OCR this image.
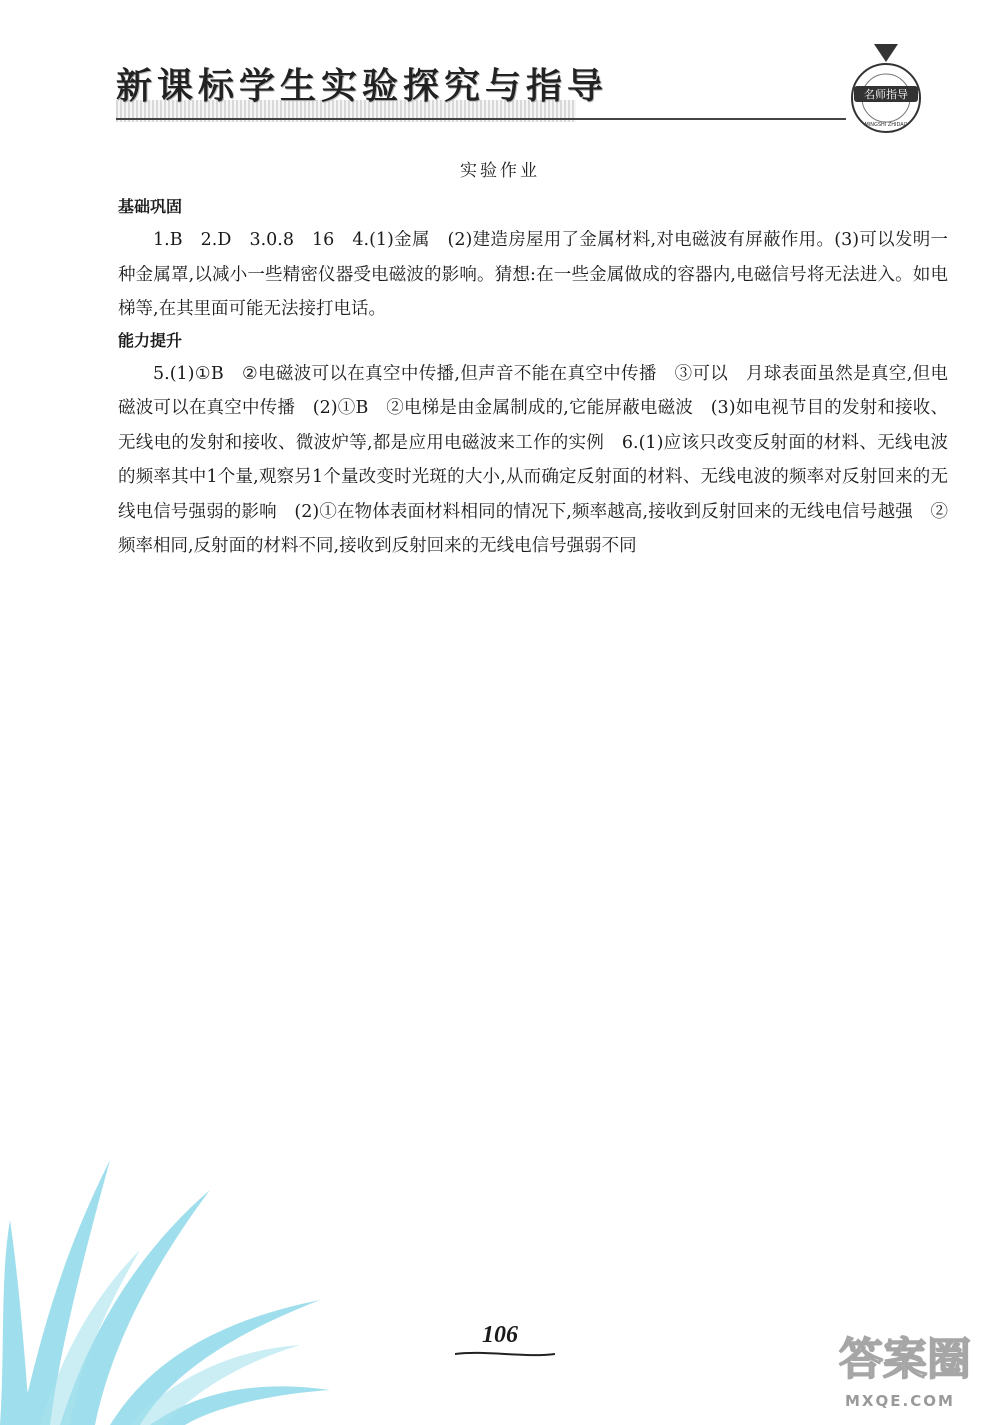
新课标学生实验探究与指导	名师指导
MINGSHI ZHIDAO
实验作业

基础巩固

1.B　2.D　3.0.8　16　4.(1)金属　(2)建造房屋用了金属材料,对电磁波有屏蔽作用。(3)可以发明一种金属罩,以减小一些精密仪器受电磁波的影响。猜想:在一些金属做成的容器内,电磁信号将无法进入。如电梯等,在其里面可能无法接打电话。

能力提升

5.(1)①B　②电磁波可以在真空中传播,但声音不能在真空中传播　③可以　月球表面虽然是真空,但电磁波可以在真空中传播　(2)①B　②电梯是由金属制成的,它能屏蔽电磁波　(3)如电视节目的发射和接收、无线电的发射和接收、微波炉等,都是应用电磁波来工作的实例　6.(1)应该只改变反射面的材料、无线电波的频率其中1个量,观察另1个量改变时光斑的大小,从而确定反射面的材料、无线电波的频率对反射回来的无线电信号强弱的影响　(2)①在物体表面材料相同的情况下,频率越高,接收到反射回来的无线电信号越强　②频率相同,反射面的材料不同,接收到反射回来的无线电信号强弱不同

106	答案圈
MXQE.COM
